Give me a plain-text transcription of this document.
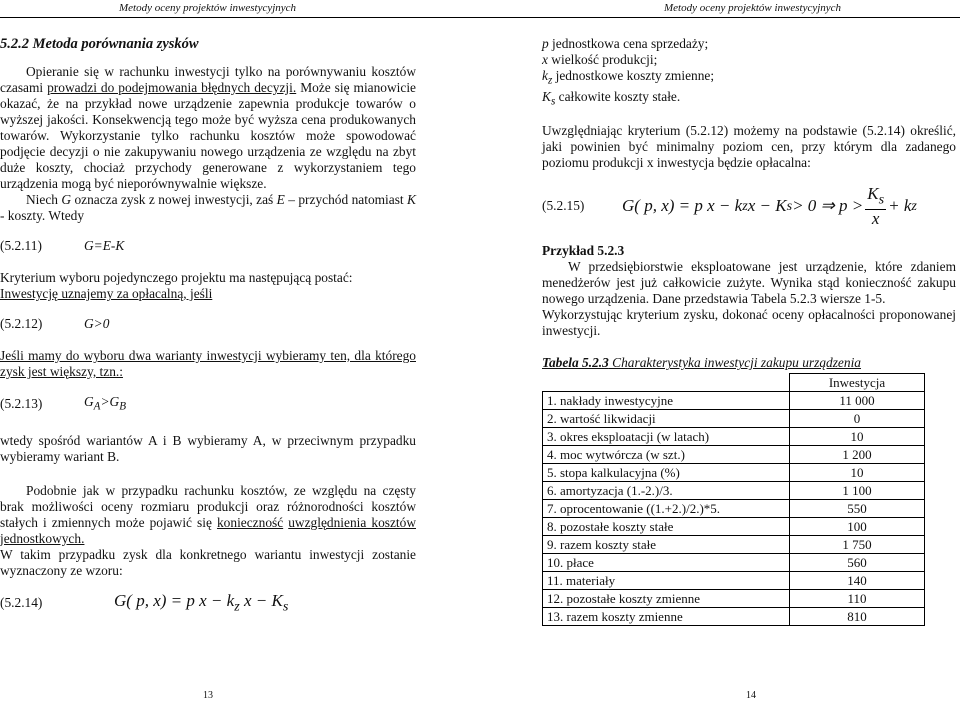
Metody oceny projektów inwestycyjnych

5.2.2 Metoda porównania zysków

Opieranie się w rachunku inwestycji tylko na porównywaniu kosztów czasami prowadzi do podejmowania błędnych decyzji. Może się mianowicie okazać, że na przykład nowe urządzenie zapewnia produkcje towarów o wyższej jakości. Konsekwencją tego może być wyższa cena produkowanych towarów. Wykorzystanie tylko rachunku kosztów może spowodować podjęcie decyzji o nie zakupywaniu nowego urządzenia ze względu na zbyt duże koszty, chociaż przychody generowane z wykorzystaniem tego urządzenia mogą być nieporównywalnie większe.

Niech G oznacza zysk z nowej inwestycji, zaś E – przychód natomiast K - koszty. Wtedy

(5.2.11)	G=E-K

Kryterium wyboru pojedynczego projektu ma następującą postać:

Inwestycję uznajemy za opłacalną, jeśli

(5.2.12)	G>0

Jeśli mamy do wyboru dwa warianty inwestycji wybieramy ten, dla którego zysk jest większy, tzn.:

(5.2.13)	$G_A>G_B$

wtedy spośród wariantów A i B wybieramy A, w przeciwnym przypadku wybieramy wariant B.

Podobnie jak w przypadku rachunku kosztów, ze względu na częsty brak możliwości oceny rozmiaru produkcji oraz różnorodności kosztów stałych i zmiennych może pojawić się konieczność uwzględnienia kosztów jednostkowych.

W takim przypadku zysk dla konkretnego wariantu inwestycji zostanie wyznaczony ze wzoru:

(5.2.14)	G( p, x) = p $x - k_z$ $x - K_s$
13
Metody oceny projektów inwestycyjnych

p jednostkowa cena sprzedaży;

x wielkość produkcji;

$k_z$ jednostkowe koszty zmienne;

$K_s$ całkowite koszty stałe.

Uwzględniając kryterium (5.2.12) możemy na podstawie (5.2.14) określić, jaki powinien być minimalny poziom cen, przy którym dla zadanego poziomu produkcji x inwestycja będzie opłacalna:

(5.2.15)	G( p, x) = p x − k z x − K s > 0 ⇒ $p > \frac{K_s}{x} + k$ z

Przykład 5.2.3

W przedsiębiorstwie eksploatowane jest urządzenie, które zdaniem menedżerów jest już całkowicie zużyte. Wynika stąd konieczność zakupu nowego urządzenia. Dane przedstawia Tabela 5.2.3 wiersze 1-5.

Wykorzystując kryterium zysku, dokonać oceny opłacalności proponowanej inwestycji.

Tabela 5.2.3 Charakterystyka inwestycji zakupu urządzenia

	Inwestycja
1. nakłady inwestycyjne	11 000
2. wartość likwidacji	0
3. okres eksploatacji (w latach)	10
4. moc wytwórcza (w szt.)	1 200
5. stopa kalkulacyjna (%)	10
6. amortyzacja (1.-2.)/3.	1 100
7. oprocentowanie ((1.+2.)/2.)*5.	550
8. pozostałe koszty stałe	100
9. razem koszty stałe	1 750
10. płace	560
11. materiały	140
12. pozostałe koszty zmienne	110
13. razem koszty zmienne	810
14
